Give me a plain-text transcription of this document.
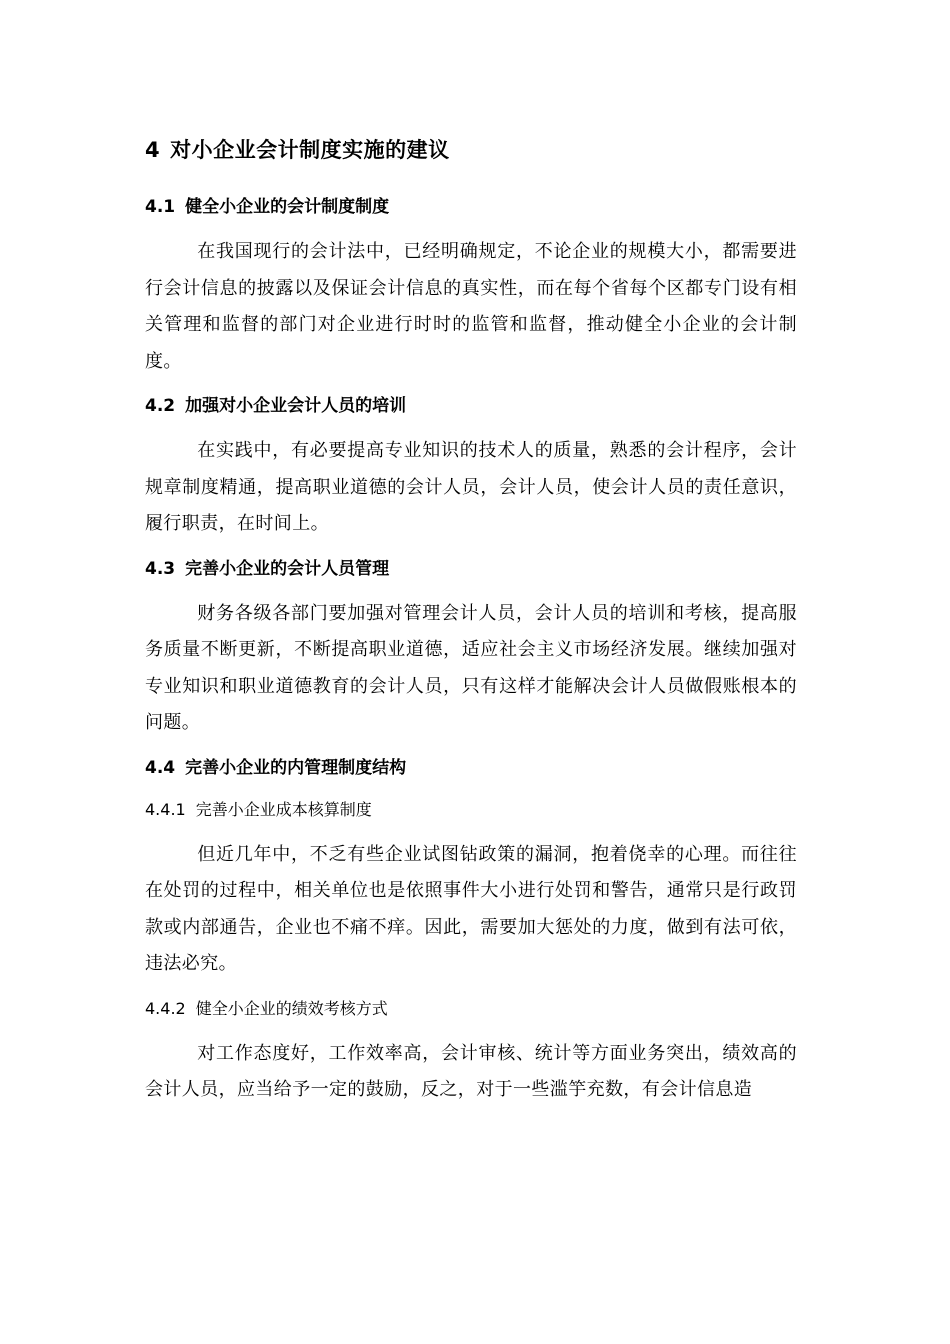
4 对小企业会计制度实施的建议
4.1 健全小企业的会计制度制度

在我国现行的会计法中，已经明确规定，不论企业的规模大小，都需要进行会计信息的披露以及保证会计信息的真实性，而在每个省每个区都专门设有相关管理和监督的部门对企业进行时时的监管和监督，推动健全小企业的会计制度。

4.2 加强对小企业会计人员的培训

在实践中，有必要提高专业知识的技术人的质量，熟悉的会计程序，会计规章制度精通，提高职业道德的会计人员，会计人员，使会计人员的责任意识，履行职责，在时间上。

4.3 完善小企业的会计人员管理

财务各级各部门要加强对管理会计人员，会计人员的培训和考核，提高服务质量不断更新，不断提高职业道德，适应社会主义市场经济发展。继续加强对专业知识和职业道德教育的会计人员，只有这样才能解决会计人员做假账根本的问题。

4.4 完善小企业的内管理制度结构
4.4.1 完善小企业成本核算制度

但近几年中，不乏有些企业试图钻政策的漏洞，抱着侥幸的心理。而往往在处罚的过程中，相关单位也是依照事件大小进行处罚和警告，通常只是行政罚款或内部通告，企业也不痛不痒。因此，需要加大惩处的力度，做到有法可依，违法必究。

4.4.2 健全小企业的绩效考核方式

对工作态度好，工作效率高，会计审核、统计等方面业务突出，绩效高的会计人员，应当给予一定的鼓励，反之，对于一些滥竽充数，有会计信息造
